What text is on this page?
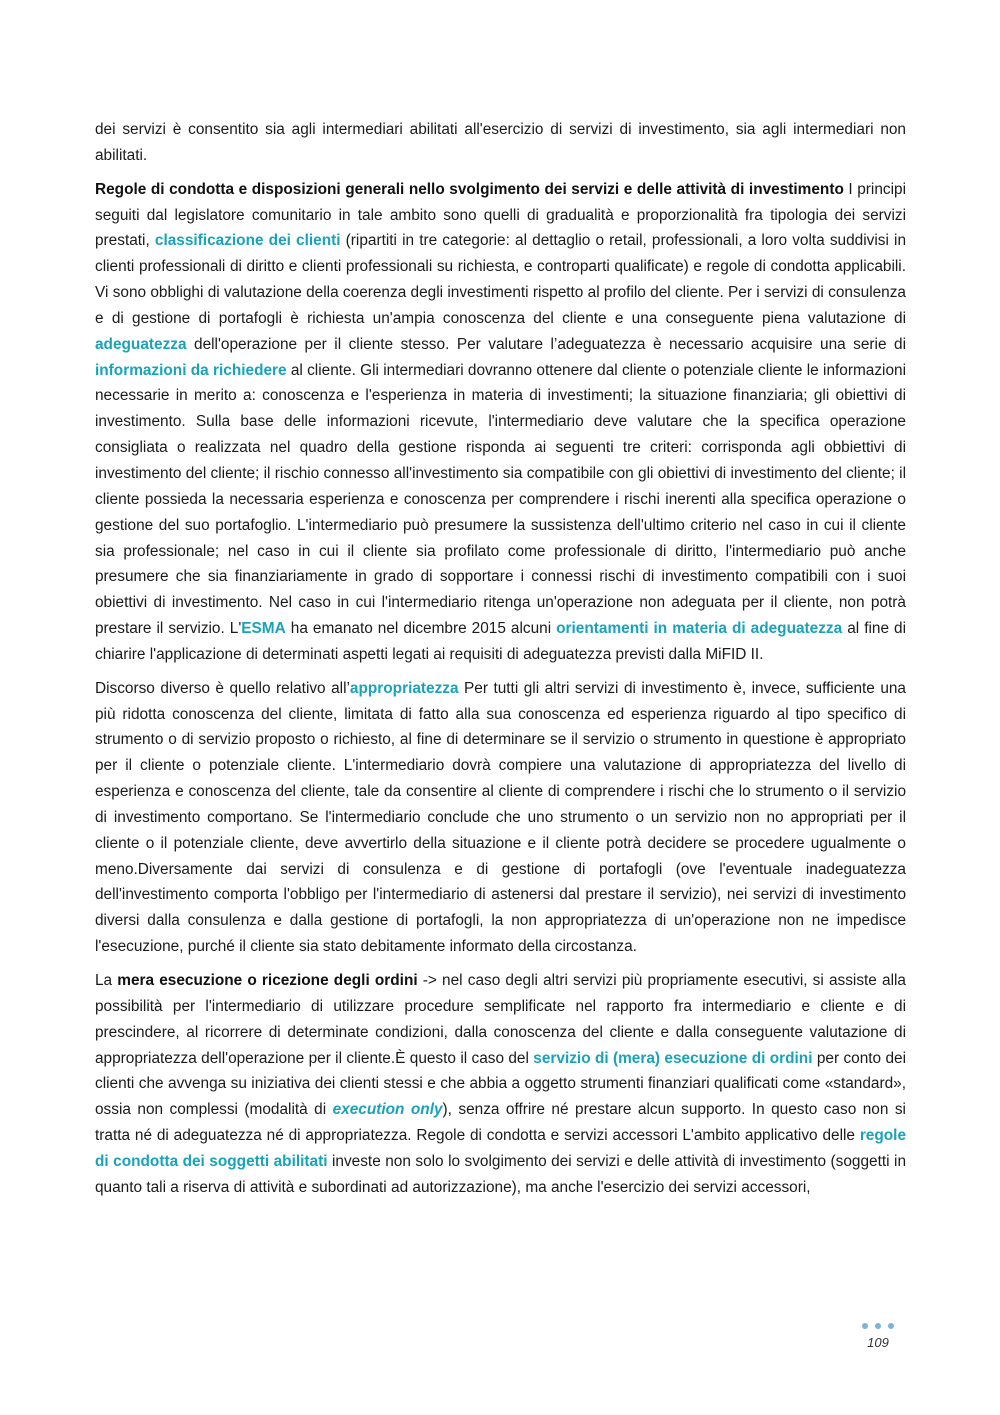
dei servizi è consentito sia agli intermediari abilitati all'esercizio di servizi di investimento, sia agli intermediari non abilitati.

Regole di condotta e disposizioni generali nello svolgimento dei servizi e delle attività di investimento I principi seguiti dal legislatore comunitario in tale ambito sono quelli di gradualità e proporzionalità fra tipologia dei servizi prestati, classificazione dei clienti (ripartiti in tre categorie: al dettaglio o retail, professionali, a loro volta suddivisi in clienti professionali di diritto e clienti professionali su richiesta, e controparti qualificate) e regole di condotta applicabili. Vi sono obblighi di valutazione della coerenza degli investimenti rispetto al profilo del cliente. Per i servizi di consulenza e di gestione di portafogli è richiesta un'ampia conoscenza del cliente e una conseguente piena valutazione di adeguatezza dell'operazione per il cliente stesso. Per valutare l’adeguatezza è necessario acquisire una serie di informazioni da richiedere al cliente. Gli intermediari dovranno ottenere dal cliente o potenziale cliente le informazioni necessarie in merito a: conoscenza e l'esperienza in materia di investimenti; la situazione finanziaria; gli obiettivi di investimento. Sulla base delle informazioni ricevute, l'intermediario deve valutare che la specifica operazione consigliata o realizzata nel quadro della gestione risponda ai seguenti tre criteri: corrisponda agli obbiettivi di investimento del cliente; il rischio connesso all'investimento sia compatibile con gli obiettivi di investimento del cliente; il cliente possieda la necessaria esperienza e conoscenza per comprendere i rischi inerenti alla specifica operazione o gestione del suo portafoglio. L'intermediario può presumere la sussistenza dell'ultimo criterio nel caso in cui il cliente sia professionale; nel caso in cui il cliente sia profilato come professionale di diritto, l'intermediario può anche presumere che sia finanziariamente in grado di sopportare i connessi rischi di investimento compatibili con i suoi obiettivi di investimento. Nel caso in cui l'intermediario ritenga un'operazione non adeguata per il cliente, non potrà prestare il servizio. L'ESMA ha emanato nel dicembre 2015 alcuni orientamenti in materia di adeguatezza al fine di chiarire l'applicazione di determinati aspetti legati ai requisiti di adeguatezza previsti dalla MiFID II.

Discorso diverso è quello relativo all’appropriatezza Per tutti gli altri servizi di investimento è, invece, sufficiente una più ridotta conoscenza del cliente, limitata di fatto alla sua conoscenza ed esperienza riguardo al tipo specifico di strumento o di servizio proposto o richiesto, al fine di determinare se il servizio o strumento in questione è appropriato per il cliente o potenziale cliente. L'intermediario dovrà compiere una valutazione di appropriatezza del livello di esperienza e conoscenza del cliente, tale da consentire al cliente di comprendere i rischi che lo strumento o il servizio di investimento comportano. Se l'intermediario conclude che uno strumento o un servizio non no appropriati per il cliente o il potenziale cliente, deve avvertirlo della situazione e il cliente potrà decidere se procedere ugualmente o meno.Diversamente dai servizi di consulenza e di gestione di portafogli (ove l'eventuale inadeguatezza dell'investimento comporta l'obbligo per l'intermediario di astenersi dal prestare il servizio), nei servizi di investimento diversi dalla consulenza e dalla gestione di portafogli, la non appropriatezza di un'operazione non ne impedisce l'esecuzione, purché il cliente sia stato debitamente informato della circostanza.

La mera esecuzione o ricezione degli ordini -> nel caso degli altri servizi più propriamente esecutivi, si assiste alla possibilità per l'intermediario di utilizzare procedure semplificate nel rapporto fra intermediario e cliente e di prescindere, al ricorrere di determinate condizioni, dalla conoscenza del cliente e dalla conseguente valutazione di appropriatezza dell'operazione per il cliente.È questo il caso del servizio di (mera) esecuzione di ordini per conto dei clienti che avvenga su iniziativa dei clienti stessi e che abbia a oggetto strumenti finanziari qualificati come «standard», ossia non complessi (modalità di execution only), senza offrire né prestare alcun supporto. In questo caso non si tratta né di adeguatezza né di appropriatezza. Regole di condotta e servizi accessori L'ambito applicativo delle regole di condotta dei soggetti abilitati investe non solo lo svolgimento dei servizi e delle attività di investimento (soggetti in quanto tali a riserva di attività e subordinati ad autorizzazione), ma anche l'esercizio dei servizi accessori,

109
